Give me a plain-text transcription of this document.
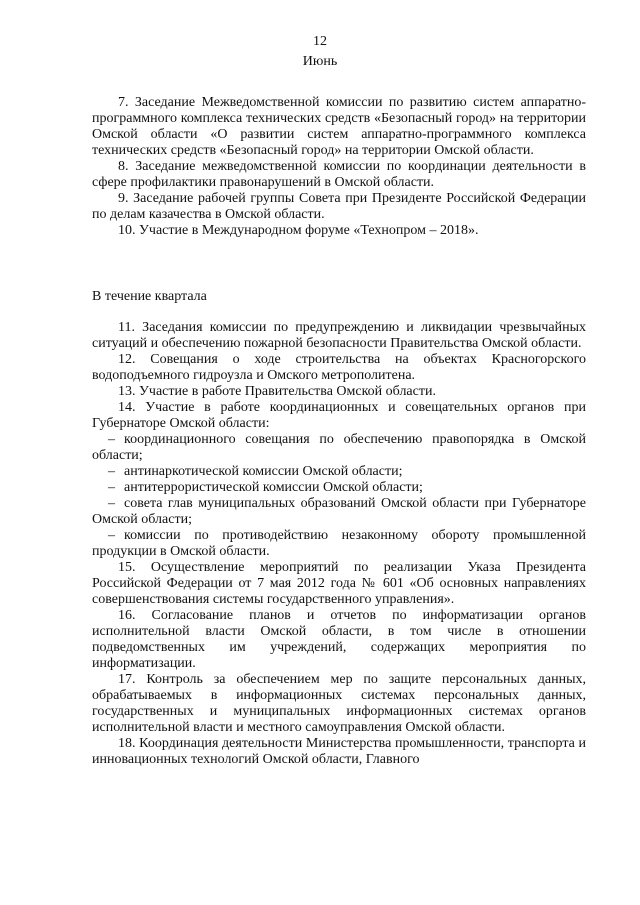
12
Июнь

7. Заседание Межведомственной комиссии по развитию систем аппаратно-программного комплекса технических средств «Безопасный город» на территории Омской области «О развитии систем аппаратно-программного комплекса технических средств «Безопасный город» на территории Омской области.

8. Заседание межведомственной комиссии по координации деятельности в сфере профилактики правонарушений в Омской области.

9. Заседание рабочей группы Совета при Президенте Российской Федерации по делам казачества в Омской области.

10. Участие в Международном форуме «Технопром – 2018».

В течение квартала

11. Заседания комиссии по предупреждению и ликвидации чрезвычайных ситуаций и обеспечению пожарной безопасности Правительства Омской области.

12. Совещания о ходе строительства на объектах Красногорского водоподъемного гидроузла и Омского метрополитена.

13. Участие в работе Правительства Омской области.

14. Участие в работе координационных и совещательных органов при Губернаторе Омской области:

– координационного совещания по обеспечению правопорядка в Омской области;

– антинаркотической комиссии Омской области;

– антитеррористической комиссии Омской области;

– совета глав муниципальных образований Омской области при Губернаторе Омской области;

– комиссии по противодействию незаконному обороту промышленной продукции в Омской области.

15. Осуществление мероприятий по реализации Указа Президента Российской Федерации от 7 мая 2012 года № 601 «Об основных направлениях совершенствования системы государственного управления».

16. Согласование планов и отчетов по информатизации органов исполнительной власти Омской области, в том числе в отношении подведомственных им учреждений, содержащих мероприятия по информатизации.

17. Контроль за обеспечением мер по защите персональных данных, обрабатываемых в информационных системах персональных данных, государственных и муниципальных информационных системах органов исполнительной власти и местного самоуправления Омской области.

18. Координация деятельности Министерства промышленности, транспорта и инновационных технологий Омской области, Главного
